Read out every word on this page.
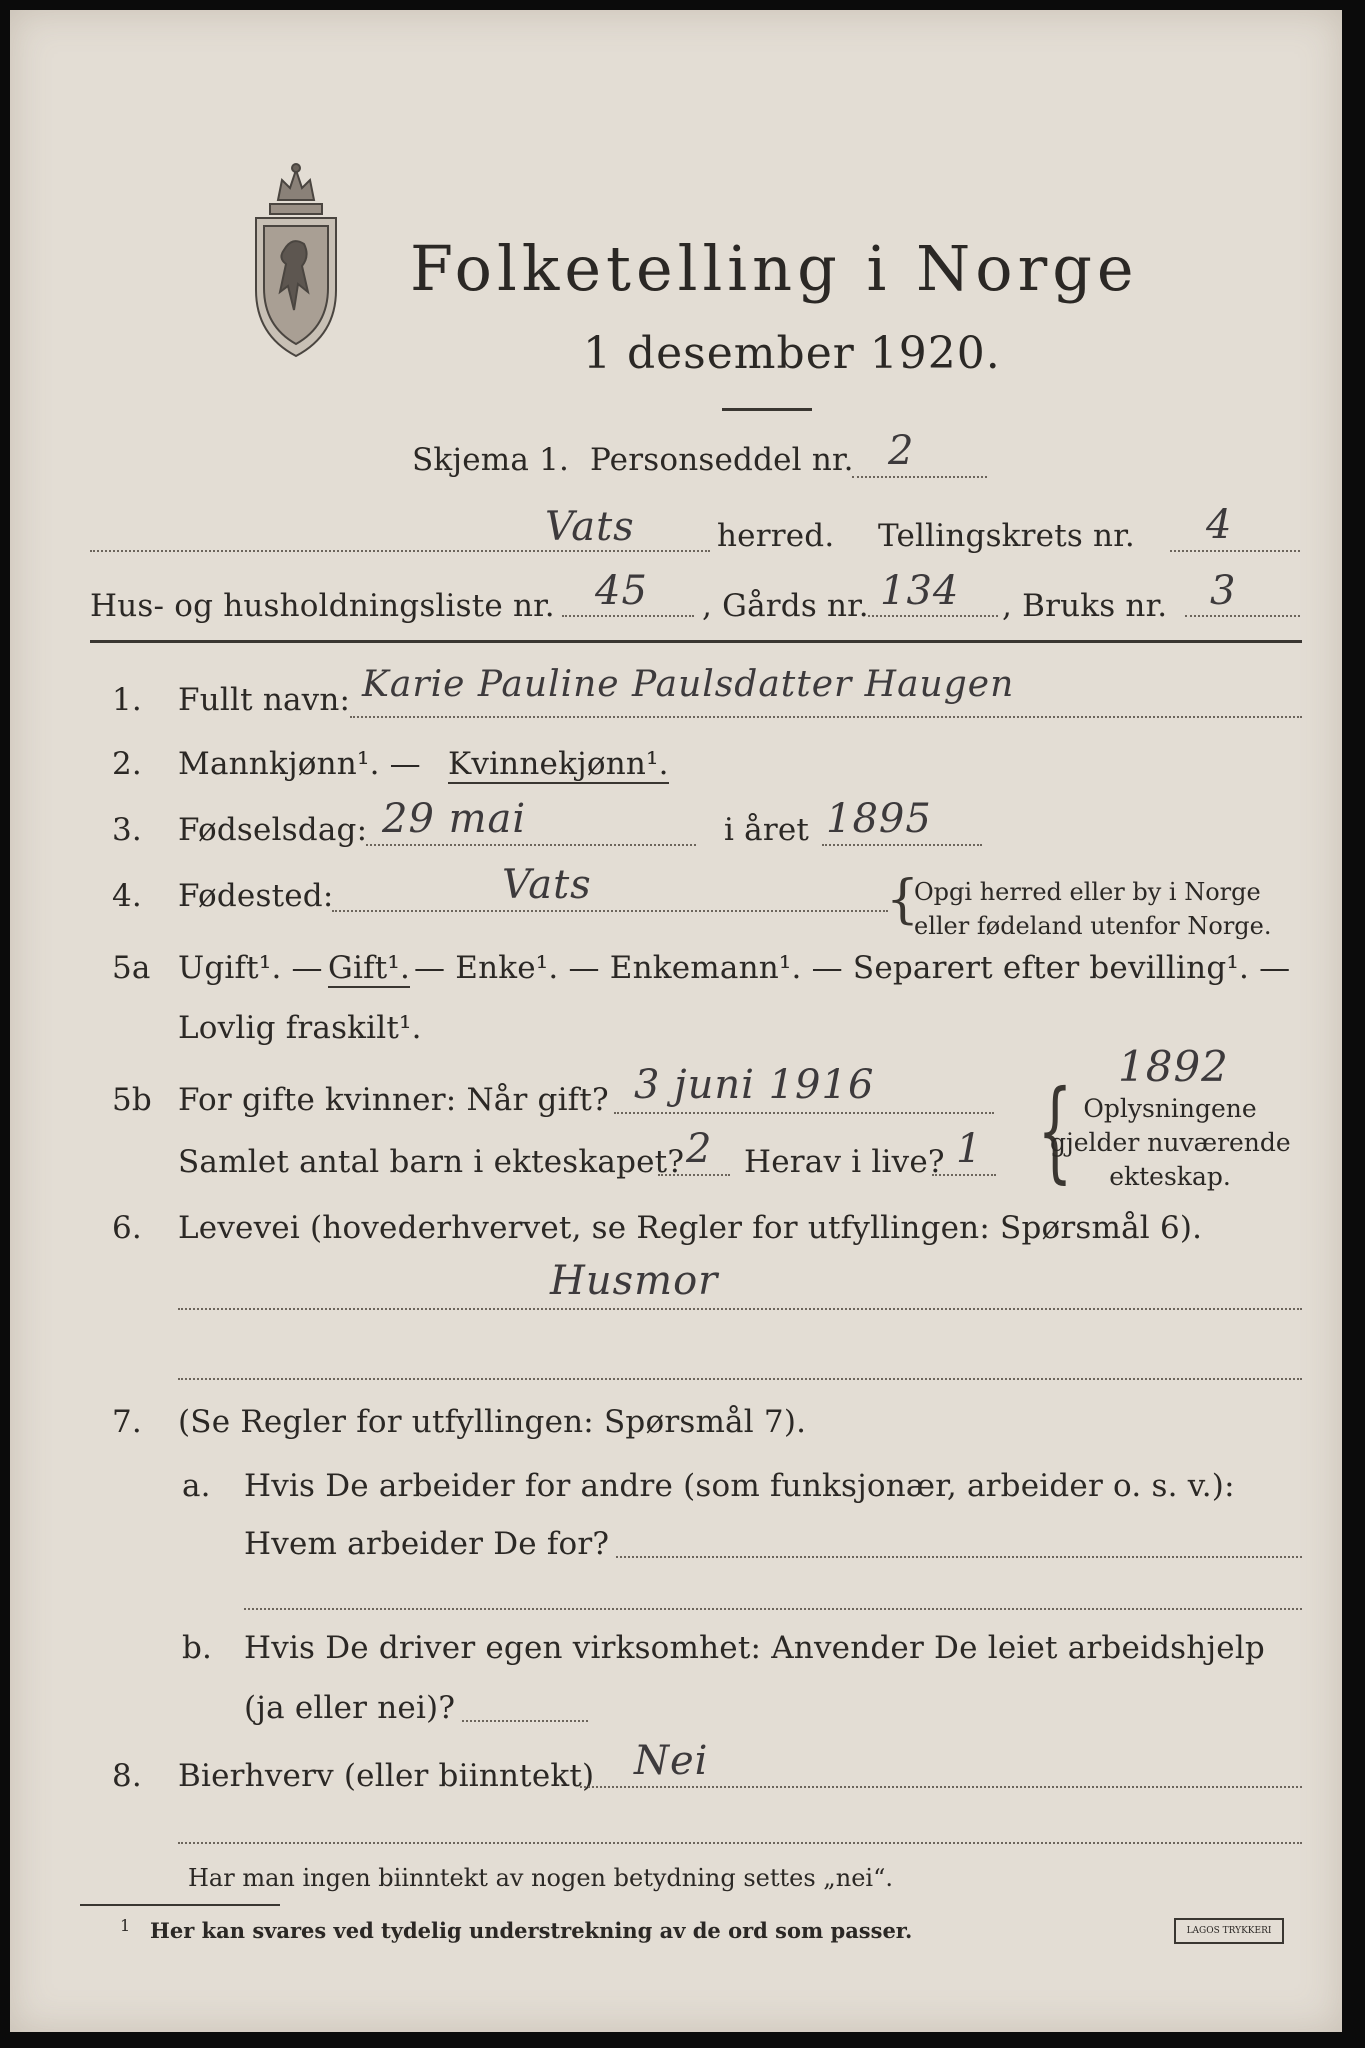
Folketelling i Norge
1 desember 1920.
Skjema 1. Personseddel nr. 2
Vats	herred. Tellingskrets nr. 4
Hus- og husholdningsliste nr. 45 , Gårds nr. 134 , Bruks nr. 3
1. Fullt navn: Karie Pauline Paulsdatter Haugen
2. Mannkjønn¹. — Kvinnekjønn¹.
3. Fødselsdag: 29 mai	i året 1895
4. Fødested:	Vats	{
Opgi herred eller by i Norge
eller fødeland utenfor Norge.
5a Ugift¹. — Gift¹. — Enke¹. — Enkemann¹. — Separert efter bevilling¹. —
Lovlig fraskilt¹.
1892
5b For gifte kvinner: Når gift? 3 juni 1916
Samlet antal barn i ekteskapet? 2 Herav i live? 1 { Oplysningene
gjelder nuværende
ekteskap.
6. Levevei (hovederhvervet, se Regler for utfyllingen: Spørsmål 6).
Husmor
7. (Se Regler for utfyllingen: Spørsmål 7).
a. Hvis De arbeider for andre (som funksjonær, arbeider o. s. v.):
Hvem arbeider De for?
b. Hvis De driver egen virksomhet: Anvender De leiet arbeidshjelp
(ja eller nei)?
8. Bierhverv (eller biinntekt) Nei
Har man ingen biinntekt av nogen betydning settes „nei“.
1 Her kan svares ved tydelig understrekning av de ord som passer.	LAGOS TRYKKERI
